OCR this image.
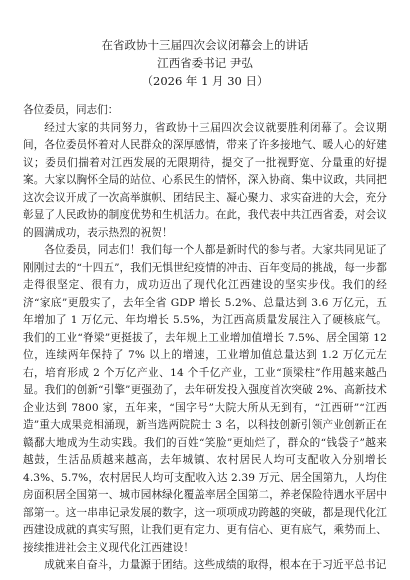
在省政协十三届四次会议闭幕会上的讲话

江西省委书记 尹弘

（2026 年 1 月 30 日）

各位委员，同志们：

经过大家的共同努力，省政协十三届四次会议就要胜利闭幕了。会议期间，各位委员怀着对人民群众的深厚感情，带来了许多接地气、暖人心的好建议；委员们揣着对江西发展的无限期待，提交了一批视野宽、分量重的好提案。大家以胸怀全局的站位、心系民生的情怀，深入协商、集中议政，共同把这次会议开成了一次高举旗帜、团结民主、凝心聚力、求实奋进的大会，充分彰显了人民政协的制度优势和生机活力。在此，我代表中共江西省委，对会议的圆满成功，表示热烈的祝贺！

各位委员，同志们！我们每一个人都是新时代的参与者。大家共同见证了刚刚过去的“十四五”，我们无惧世纪疫情的冲击、百年变局的挑战，每一步都走得很坚定、很有力，成功迈出了现代化江西建设的坚实步伐。我们的经济“家底”更殷实了，去年全省 GDP 增长 5.2%、总量达到 3.6 万亿元，五年增加了 1 万亿元、年均增长 5.5%，为江西高质量发展注入了硬核底气。我们的工业“脊梁”更挺拔了，去年规上工业增加值增长 7.5%、居全国第 12 位，连续两年保持了 7% 以上的增速，工业增加值总量达到 1.2 万亿元左右，培育形成 2 个万亿产业、14 个千亿产业，工业“顶梁柱”作用越来越凸显。我们的创新“引擎”更强劲了，去年研发投入强度首次突破 2%、高新技术企业达到 7800 家，五年来，“国字号”大院大所从无到有，“江西研”“江西造”重大成果竞相涌现，新当选两院院士 3 名，以科技创新引领产业创新正在赣鄱大地成为生动实践。我们的百姓“笑脸”更灿烂了，群众的“钱袋子”越来越鼓，生活品质越来越高，去年城镇、农村居民人均可支配收入分别增长 4.3%、5.7%，农村居民人均可支配收入达 2.39 万元、居全国第九，人均住房面积居全国第一、城市园林绿化覆盖率居全国第二，养老保险待遇水平居中部第一。这一串串记录发展的数字，这一项项成功跨越的突破，都是现代化江西建设成就的真实写照，让我们更有定力、更有信心、更有底气，乘势而上、接续推进社会主义现代化江西建设！

成就来自奋斗，力量源于团结。这些成绩的取得，根本在于习近平总书记
